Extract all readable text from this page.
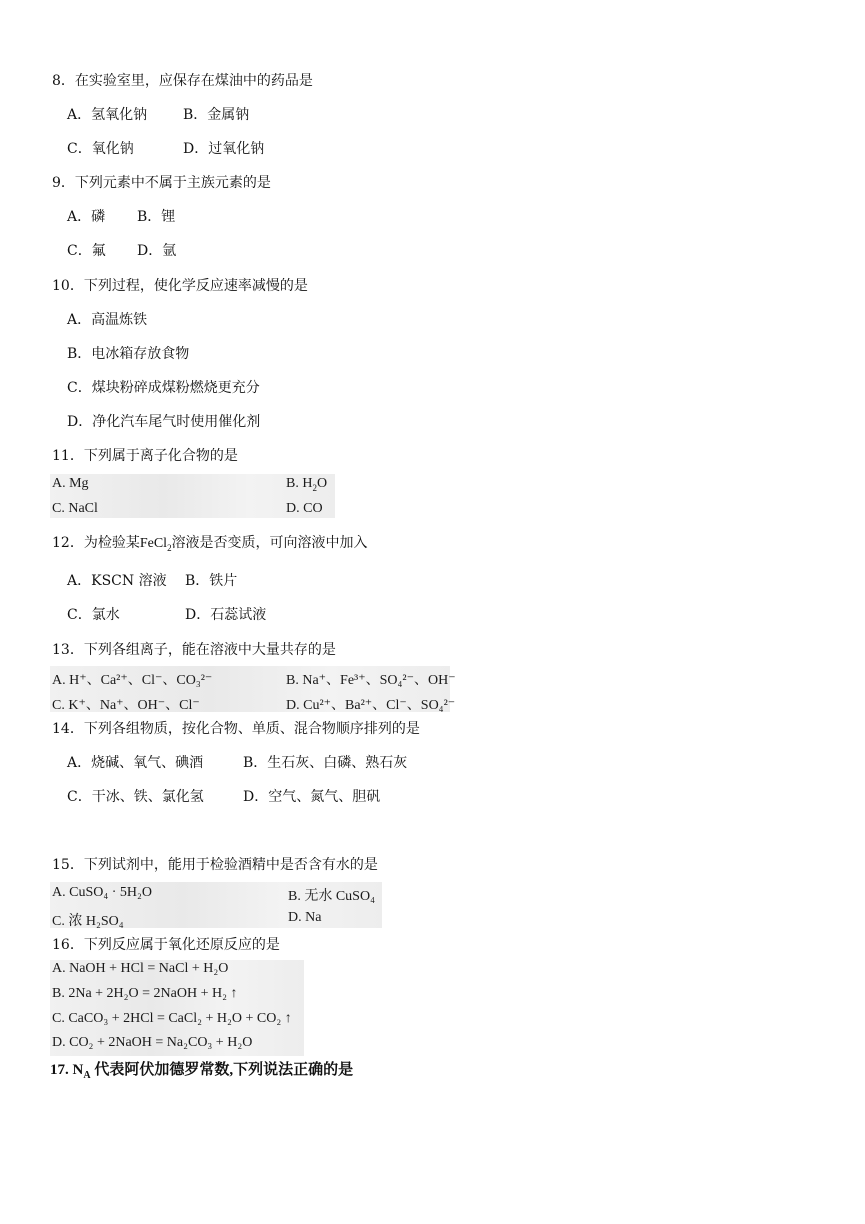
8．在实验室里，应保存在煤油中的药品是
A．氢氧化钠	B．金属钠
C．氧化钠	D．过氧化钠
9．下列元素中不属于主族元素的是
A．磷 B．锂
C．氟 D．氩
10．下列过程，使化学反应速率减慢的是
A．高温炼铁
B．电冰箱存放食物
C．煤块粉碎成煤粉燃烧更充分
D．净化汽车尾气时使用催化剂
11．下列属于离子化合物的是
A. Mg	B. $H_2O$
C. NaCl	D. CO
12．为检验某FeCl$_2$溶液是否变质，可向溶液中加入
A．KSCN 溶液 B．铁片
C．氯水	D．石蕊试液
13．下列各组离子，能在溶液中大量共存的是
A. H⁺、Ca²⁺、Cl⁻、CO₃²⁻	B. Na⁺、Fe³⁺、SO₄²⁻、OH⁻
C. K⁺、Na⁺、OH⁻、Cl⁻	D. Cu²⁺、Ba²⁺、Cl⁻、SO₄²⁻
14．下列各组物质，按化合物、单质、混合物顺序排列的是
A．烧碱、氧气、碘酒	B．生石灰、白磷、熟石灰
C．干冰、铁、氯化氢	D．空气、氮气、胆矾
15．下列试剂中，能用于检验酒精中是否含有水的是
A. CuSO₄ · 5H₂O	B. 无水 CuSO₄
C. 浓 H₂SO₄	D. Na
16．下列反应属于氧化还原反应的是
A. NaOH + HCl = NaCl + H₂O
B. 2Na + 2H₂O = 2NaOH + H₂ ↑
C. CaCO₃ + 2HCl = CaCl₂ + H₂O + CO₂ ↑
D. CO₂ + 2NaOH = Na₂CO₃ + H₂O
17. $N_A$ 代表阿伏加德罗常数,下列说法正确的是
